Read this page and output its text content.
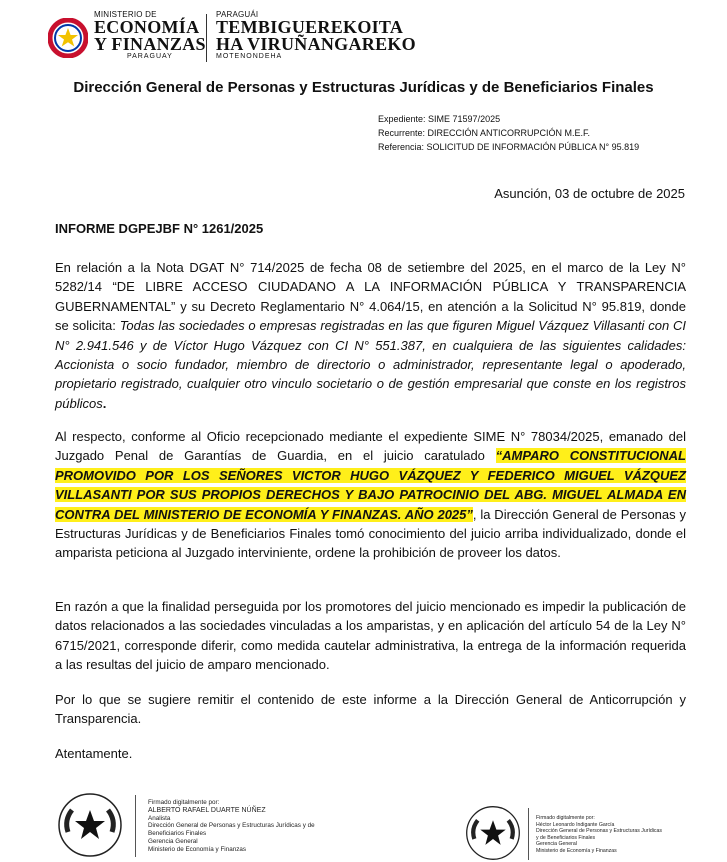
MINISTERIO DE
ECONOMÍA
Y FINANZAS
PARAGUAY
PARAGUÁI
TEMBIGUEREKOITA
HA VIRUÑANGAREKO
MOTENONDEHA
Dirección General de Personas y Estructuras Jurídicas y de Beneficiarios Finales
Expediente: SIME 71597/2025
Recurrente: DIRECCIÓN ANTICORRUPCIÓN M.E.F.
Referencia: SOLICITUD DE INFORMACIÓN PÚBLICA N° 95.819
Asunción, 03 de octubre de 2025
INFORME DGPEJBF N° 1261/2025

En relación a la Nota DGAT N° 714/2025 de fecha 08 de setiembre del 2025, en el marco de la Ley N° 5282/14 “DE LIBRE ACCESO CIUDADANO A LA INFORMACIÓN PÚBLICA Y TRANSPARENCIA GUBERNAMENTAL” y su Decreto Reglamentario N° 4.064/15, en atención a la Solicitud N° 95.819, donde se solicita: Todas las sociedades o empresas registradas en las que figuren Miguel Vázquez Villasanti con CI N° 2.941.546 y de Víctor Hugo Vázquez con CI N° 551.387, en cualquiera de las siguientes calidades: Accionista o socio fundador, miembro de directorio o administrador, representante legal o apoderado, propietario registrado, cualquier otro vinculo societario o de gestión empresarial que conste en los registros públicos.

Al respecto, conforme al Oficio recepcionado mediante el expediente SIME N° 78034/2025, emanado del Juzgado Penal de Garantías de Guardia, en el juicio caratulado “AMPARO CONSTITUCIONAL PROMOVIDO POR LOS SEÑORES VICTOR HUGO VÁZQUEZ Y FEDERICO MIGUEL VÁZQUEZ VILLASANTI POR SUS PROPIOS DERECHOS Y BAJO PATROCINIO DEL ABG. MIGUEL ALMADA EN CONTRA DEL MINISTERIO DE ECONOMÍA Y FINANZAS. AÑO 2025”, la Dirección General de Personas y Estructuras Jurídicas y de Beneficiarios Finales tomó conocimiento del juicio arriba individualizado, donde el amparista peticiona al Juzgado interviniente, ordene la prohibición de proveer los datos.

En razón a que la finalidad perseguida por los promotores del juicio mencionado es impedir la publicación de datos relacionados a las sociedades vinculadas a los amparistas, y en aplicación del artículo 54 de la Ley N° 6715/2021, corresponde diferir, como medida cautelar administrativa, la entrega de la información requerida a las resultas del juicio de amparo mencionado.

Por lo que se sugiere remitir el contenido de este informe a la Dirección General de Anticorrupción y Transparencia.

Atentamente.

Firmado digitalmente por:
ALBERTO RAFAEL DUARTE NÚÑEZ
Analista
Dirección General de Personas y Estructuras Jurídicas y de Beneficiarios Finales
Gerencia General
Ministerio de Economía y Finanzas
Firmado digitalmente por:
Héctor Leonardo Indigante García
Dirección General de Personas y Estructuras Jurídicas y de Beneficiarios Finales
Gerencia General
Ministerio de Economía y Finanzas
